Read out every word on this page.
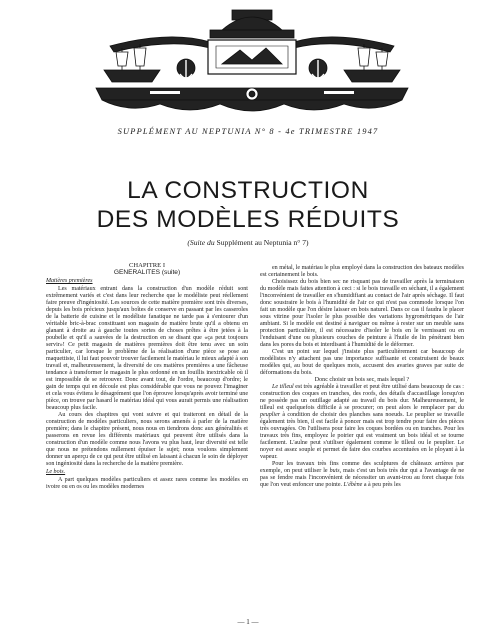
SUPPLÉMENT AU NEPTUNIA N° 8 - 4e TRIMESTRE 1947
LA CONSTRUCTION
DES MODÈLES RÉDUITS
(Suite du Supplément au Neptunia n° 7)

CHAPITRE I

GENERALITES (suite)

Matières premières

Les matériaux entrant dans la construction d'un modèle réduit sont extrêmement variés et c'est dans leur recherche que le modéliste peut réellement faire preuve d'ingéniosité. Les sources de cette matière première sont très diverses, depuis les bois précieux jusqu'aux boîtes de conserve en passant par les casseroles de la batterie de cuisine et le modéliste fanatique ne tarde pas à s'entourer d'un véritable bric-à-brac constituant son magasin de matière brute qu'il a obtenu en glanant à droite au à gauche toutes sortes de choses prêtes à être jetées à la poubelle et qu'il a sauvées de la destruction en se disant que «ça peut toujours servir»! Ce petit magasin de matières premières doit être tenu avec un soin particulier, car lorsque le problème de la réalisation d'une pièce se pose au maquettiste, il lui faut pouvoir trouver facilement le matériau le mieux adapté à son travail et, malheureusement, la diversité de ces matières premières a une fâcheuse tendance à transformer le magasin le plus ordonné en un fouillis inextricable où il est impossible de se retrouver. Donc avant tout, de l'ordre, beaucoup d'ordre; le gain de temps qui en découle est plus considérable que vous ne pouvez l'imaginer et cela vous évitera le désagrément que l'on éprouve lorsqu'après avoir terminé une pièce, on trouve par hasard le matériau idéal qui vous aurait permis une réalisation beaucoup plus facile.

Au cours des chapitres qui vont suivre et qui traiteront en détail de la construction de modèles particuliers, nous serons amenés à parler de la matière première; dans le chapitre présent, nous nous en tiendrons donc aux généralités et passerons en revue les différents matériaux qui peuvent être utilisés dans la construction d'un modèle comme nous l'avons vu plus haut, leur diversité est telle que nous ne prétendons nullement épuiser le sujet; nous voulons simplement donner un aperçu de ce qui peut être utilisé en laissant à chacun le soin de déployer son ingéniosité dans la recherche de la matière première.

Le bois.

A part quelques modèles particuliers et assez rares comme les modèles en ivoire ou en os ou les modèles modernes

en métal, le matériau le plus employé dans la construction des bateaux modèles est certainement le bois.

Choisissez du bois bien sec ne risquant pas de travailler après la terminaison du modèle mais faites attention à ceci : si le bois travaille en séchant, il a également l'inconvénient de travailler en s'humidifiant au contact de l'air après séchage. Il faut donc soustraire le bois à l'humidité de l'air ce qui n'est pas commode lorsque l'on fait un modèle que l'on désire laisser en bois naturel. Dans ce cas il faudra le placer sous vitrine pour l'isoler le plus possible des variations hygrométriques de l'air ambiant. Si le modèle est destiné à naviguer ou même à rester sur un meuble sans protection particulière, il est nécessaire d'isoler le bois en le vernissant ou en l'enduisant d'une ou plusieurs couches de peinture à l'huile de lin pénétrant bien dans les pores du bois et interdisant à l'humidité de le déformer.

C'est un point sur lequel j'insiste plus particulièrement car beaucoup de modélistes n'y attachent pas une importance suffisante et construisent de beaux modèles qui, au bout de quelques mois, accusent des avaries graves par suite de déformations du bois.

Donc choisir un bois sec, mais lequel ?

Le tilleul est très agréable à travailler et peut être utilisé dans beaucoup de cas : construction des coques en tranches, des roofs, des détails d'accastillage lorsqu'on ne possède pas un outillage adapté au travail du bois dur. Malheureusement, le tilleul est quelquefois difficile à se procurer; on peut alors le remplacer par du peuplier à condition de choisir des planches sans noeuds. Le peuplier se travaille également très bien, il est facile à poncer mais est trop tendre pour faire des pièces très ouvragées. On l'utilisera pour faire les coques bordées ou en tranches. Pour les travaux très fins, employez le poirier qui est vraiment un bois idéal et se tourne facilement. L'aulne peut s'utiliser également comme le tilleul ou le peuplier. Le noyer est assez souple et permet de faire des courbes accentuées en le ployant à la vapeur.

Pour les travaux très fins comme des sculptures de châteaux arrières par exemple, on peut utiliser le buis, mais c'est un bois très dur qui a l'avantage de ne pas se fendre mais l'inconvénient de nécessiter un avant-trou au foret chaque fois que l'on veut enfoncer une pointe. L'ébène a à peu près les

— 1 —
